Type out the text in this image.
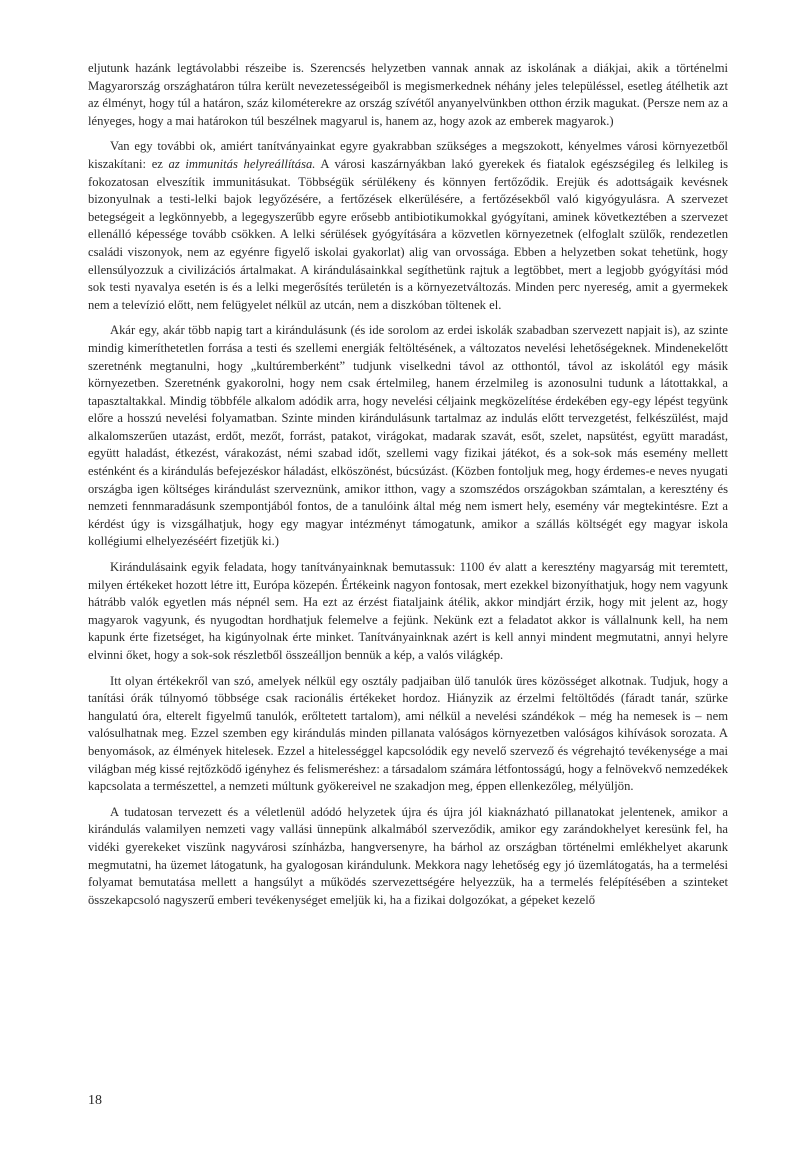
eljutunk hazánk legtávolabbi részeibe is. Szerencsés helyzetben vannak annak az iskolának a diákjai, akik a történelmi Magyarország országhatáron túlra került nevezetességeiből is megismerkednek néhány jeles településsel, esetleg átélhetik azt az élményt, hogy túl a határon, száz kilométerekre az ország szívétől anyanyelvünkben otthon érzik magukat. (Persze nem az a lényeges, hogy a mai határokon túl beszélnek magyarul is, hanem az, hogy azok az emberek magyarok.)

Van egy további ok, amiért tanítványainkat egyre gyakrabban szükséges a megszokott, kényelmes városi környezetből kiszakítani: ez az immunitás helyreállítása. A városi kaszárnyákban lakó gyerekek és fiatalok egészségileg és lelkileg is fokozatosan elveszítik immunitásukat. Többségük sérülékeny és könnyen fertőződik. Erejük és adottságaik kevésnek bizonyulnak a testi-lelki bajok legyőzésére, a fertőzések elkerülésére, a fertőzésekből való kigyógyulásra. A szervezet betegségeit a legkönnyebb, a legegyszerűbb egyre erősebb antibiotikumokkal gyógyítani, aminek következtében a szervezet ellenálló képessége tovább csökken. A lelki sérülések gyógyítására a közvetlen környezetnek (elfoglalt szülők, rendezetlen családi viszonyok, nem az egyénre figyelő iskolai gyakorlat) alig van orvossága. Ebben a helyzetben sokat tehetünk, hogy ellensúlyozzuk a civilizációs ártalmakat. A kirándulásainkkal segíthetünk rajtuk a legtöbbet, mert a legjobb gyógyítási mód sok testi nyavalya esetén is és a lelki megerősítés területén is a környezetváltozás. Minden perc nyereség, amit a gyermekek nem a televízió előtt, nem felügyelet nélkül az utcán, nem a diszkóban töltenek el.

Akár egy, akár több napig tart a kirándulásunk (és ide sorolom az erdei iskolák szabadban szervezett napjait is), az szinte mindig kimeríthetetlen forrása a testi és szellemi energiák feltöltésének, a változatos nevelési lehetőségeknek. Mindenekelőtt szeretnénk megtanulni, hogy „kultúremberként” tudjunk viselkedni távol az otthontól, távol az iskolától egy másik környezetben. Szeretnénk gyakorolni, hogy nem csak értelmileg, hanem érzelmileg is azonosulni tudunk a látottakkal, a tapasztaltakkal. Mindig többféle alkalom adódik arra, hogy nevelési céljaink megközelítése érdekében egy-egy lépést tegyünk előre a hosszú nevelési folyamatban. Szinte minden kirándulásunk tartalmaz az indulás előtt tervezgetést, felkészülést, majd alkalomszerűen utazást, erdőt, mezőt, forrást, patakot, virágokat, madarak szavát, esőt, szelet, napsütést, együtt maradást, együtt haladást, étkezést, várakozást, némi szabad időt, szellemi vagy fizikai játékot, és a sok-sok más esemény mellett esténként és a kirándulás befejezéskor háladást, elköszönést, búcsúzást. (Közben fontoljuk meg, hogy érdemes-e neves nyugati országba igen költséges kirándulást szerveznünk, amikor itthon, vagy a szomszédos országokban számtalan, a keresztény és nemzeti fennmaradásunk szempontjából fontos, de a tanulóink által még nem ismert hely, esemény vár megtekintésre. Ezt a kérdést úgy is vizsgálhatjuk, hogy egy magyar intézményt támogatunk, amikor a szállás költségét egy magyar iskola kollégiumi elhelyezéséért fizetjük ki.)

Kirándulásaink egyik feladata, hogy tanítványainknak bemutassuk: 1100 év alatt a keresztény magyarság mit teremtett, milyen értékeket hozott létre itt, Európa közepén. Értékeink nagyon fontosak, mert ezekkel bizonyíthatjuk, hogy nem vagyunk hátrább valók egyetlen más népnél sem. Ha ezt az érzést fiataljaink átélik, akkor mindjárt érzik, hogy mit jelent az, hogy magyarok vagyunk, és nyugodtan hordhatjuk felemelve a fejünk. Nekünk ezt a feladatot akkor is vállalnunk kell, ha nem kapunk érte fizetséget, ha kigúnyolnak érte minket. Tanítványainknak azért is kell annyi mindent megmutatni, annyi helyre elvinni őket, hogy a sok-sok részletből összeálljon bennük a kép, a valós világkép.

Itt olyan értékekről van szó, amelyek nélkül egy osztály padjaiban ülő tanulók üres közösséget alkotnak. Tudjuk, hogy a tanítási órák túlnyomó többsége csak racionális értékeket hordoz. Hiányzik az érzelmi feltöltődés (fáradt tanár, szürke hangulatú óra, elterelt figyelmű tanulók, erőltetett tartalom), ami nélkül a nevelési szándékok – még ha nemesek is – nem valósulhatnak meg. Ezzel szemben egy kirándulás minden pillanata valóságos környezetben valóságos kihívások sorozata. A benyomások, az élmények hitelesek. Ezzel a hitelességgel kapcsolódik egy nevelő szervező és végrehajtó tevékenysége a mai világban még kissé rejtőzködő igényhez és felismeréshez: a társadalom számára létfontosságú, hogy a felnövekvő nemzedékek kapcsolata a természettel, a nemzeti múltunk gyökereivel ne szakadjon meg, éppen ellenkezőleg, mélyüljön.

A tudatosan tervezett és a véletlenül adódó helyzetek újra és újra jól kiaknázható pillanatokat jelentenek, amikor a kirándulás valamilyen nemzeti vagy vallási ünnepünk alkalmából szerveződik, amikor egy zarándokhelyet keresünk fel, ha vidéki gyerekeket viszünk nagyvárosi színházba, hangversenyre, ha bárhol az országban történelmi emlékhelyet akarunk megmutatni, ha üzemet látogatunk, ha gyalogosan kirándulunk. Mekkora nagy lehetőség egy jó üzemlátogatás, ha a termelési folyamat bemutatása mellett a hangsúlyt a működés szervezettségére helyezzük, ha a termelés felépítésében a szinteket összekapcsoló nagyszerű emberi tevékenységet emeljük ki, ha a fizikai dolgozókat, a gépeket kezelő

18
